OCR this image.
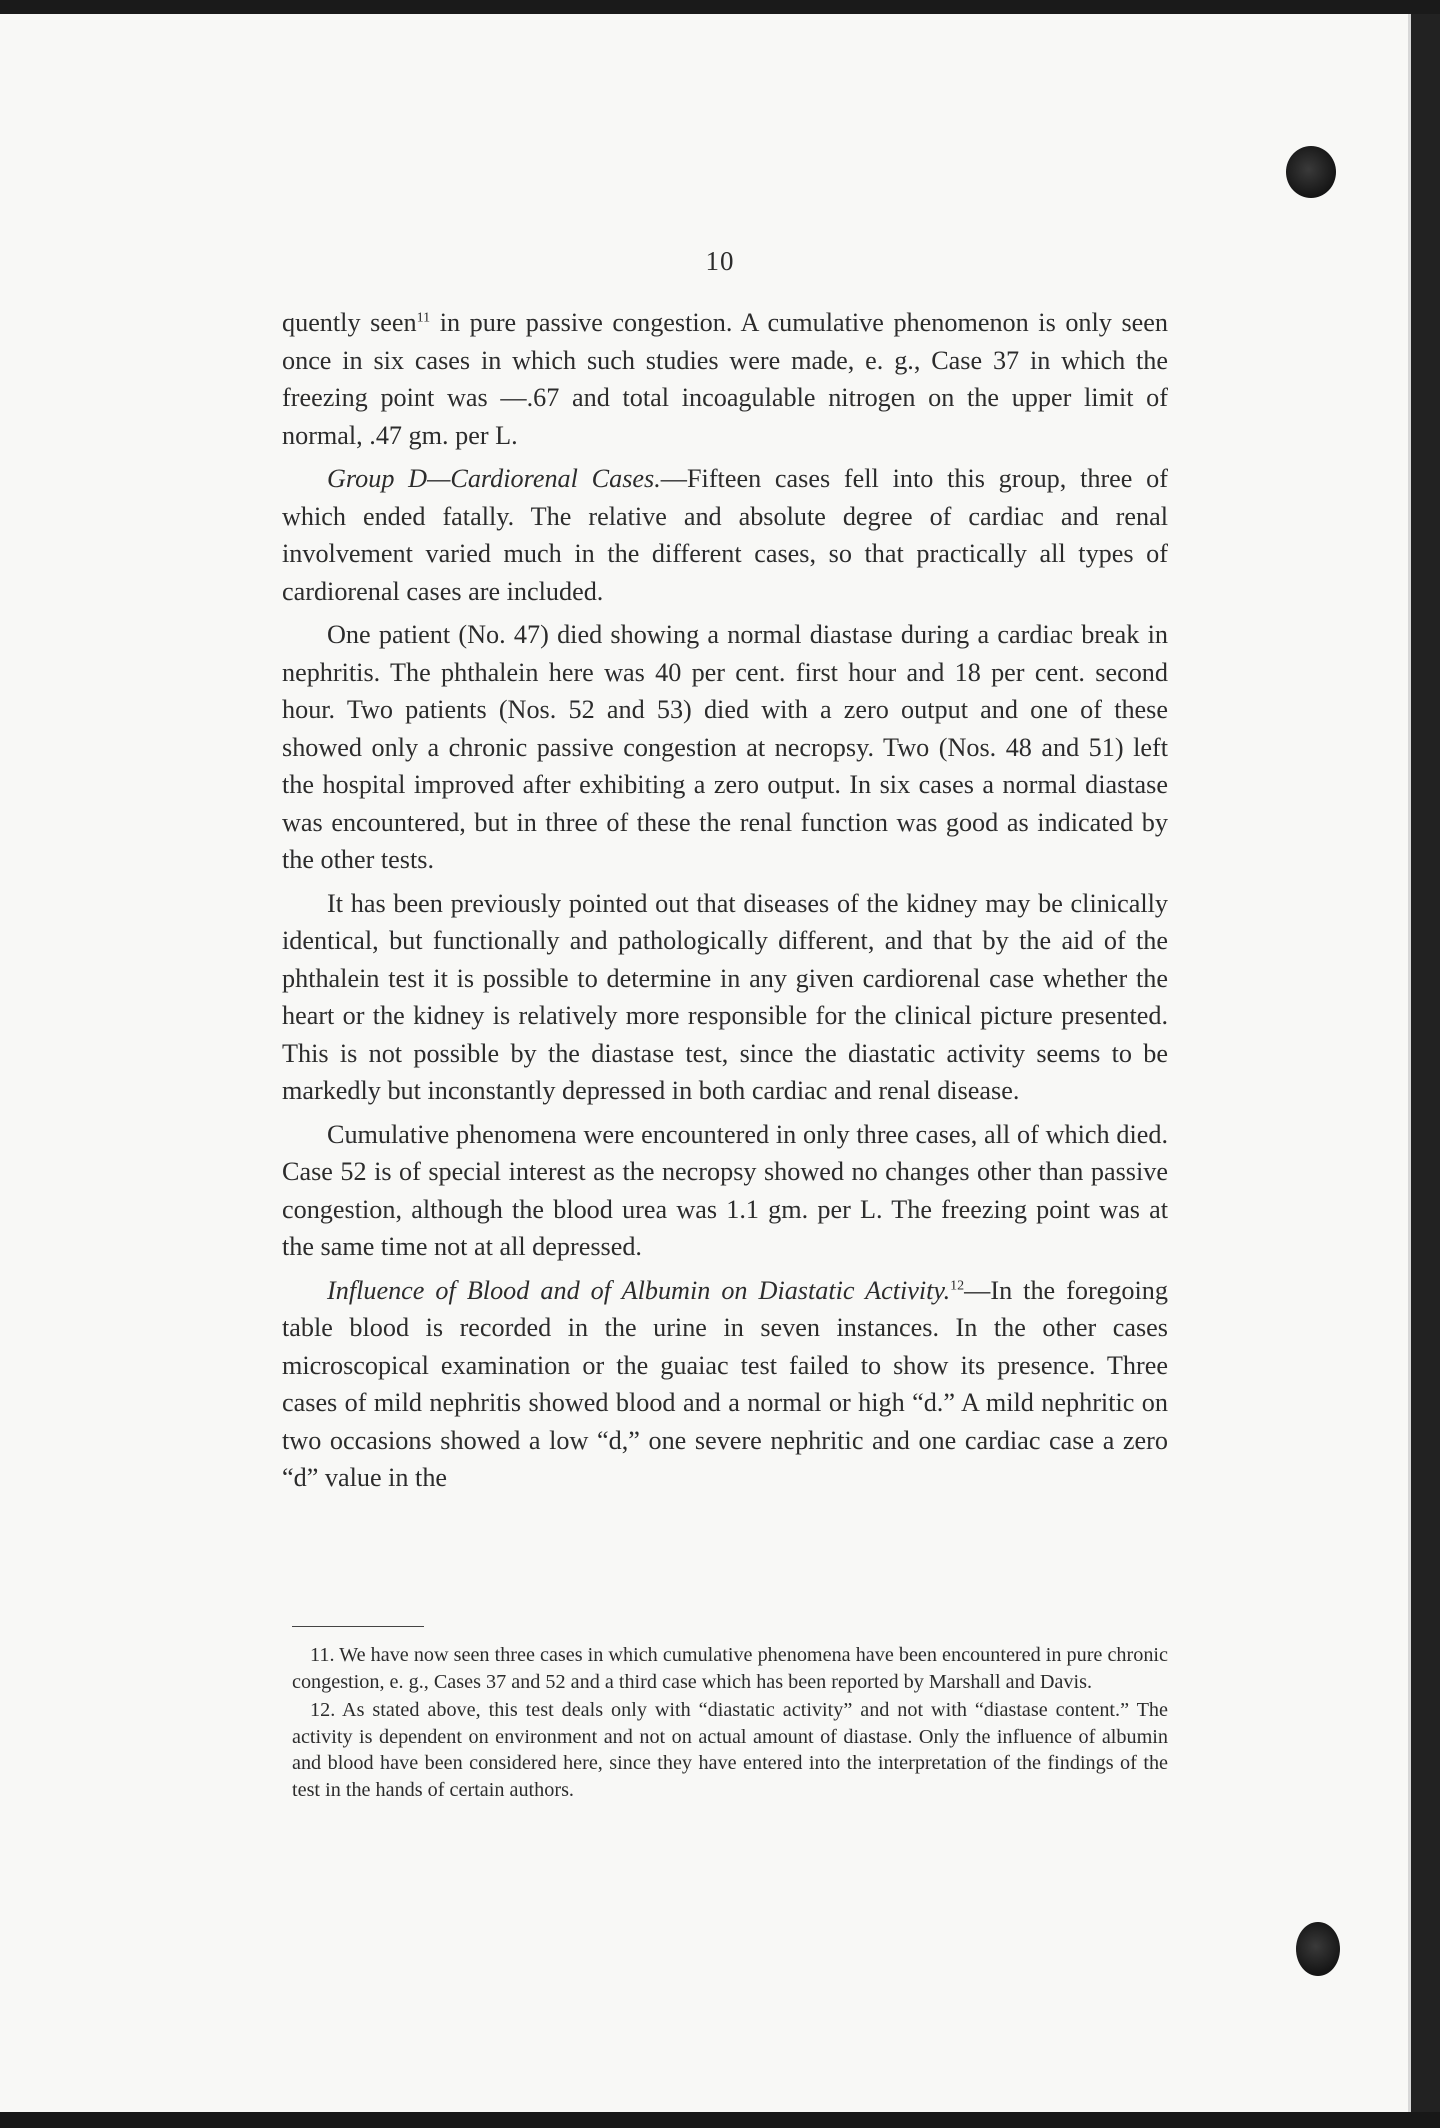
10

quently seen$^{11}$ in pure passive congestion. A cumulative phenomenon is only seen once in six cases in which such studies were made, e. g., Case 37 in which the freezing point was —.67 and total incoagulable nitrogen on the upper limit of normal, .47 gm. per L.

Group D—Cardiorenal Cases.—Fifteen cases fell into this group, three of which ended fatally. The relative and absolute degree of cardiac and renal involvement varied much in the different cases, so that practically all types of cardiorenal cases are included.

One patient (No. 47) died showing a normal diastase during a cardiac break in nephritis. The phthalein here was 40 per cent. first hour and 18 per cent. second hour. Two patients (Nos. 52 and 53) died with a zero output and one of these showed only a chronic passive congestion at necropsy. Two (Nos. 48 and 51) left the hospital improved after exhibiting a zero output. In six cases a normal diastase was encountered, but in three of these the renal function was good as indicated by the other tests.

It has been previously pointed out that diseases of the kidney may be clinically identical, but functionally and pathologically different, and that by the aid of the phthalein test it is possible to determine in any given cardiorenal case whether the heart or the kidney is relatively more responsible for the clinical picture presented. This is not possible by the diastase test, since the diastatic activity seems to be markedly but inconstantly depressed in both cardiac and renal disease.

Cumulative phenomena were encountered in only three cases, all of which died. Case 52 is of special interest as the necropsy showed no changes other than passive congestion, although the blood urea was 1.1 gm. per L. The freezing point was at the same time not at all depressed.

Influence of Blood and of Albumin on Diastatic Activity.$^{12}$—In the foregoing table blood is recorded in the urine in seven instances. In the other cases microscopical examination or the guaiac test failed to show its presence. Three cases of mild nephritis showed blood and a normal or high “d.” A mild nephritic on two occasions showed a low “d,” one severe nephritic and one cardiac case a zero “d” value in the

11. We have now seen three cases in which cumulative phenomena have been encountered in pure chronic congestion, e. g., Cases 37 and 52 and a third case which has been reported by Marshall and Davis.

12. As stated above, this test deals only with “diastatic activity” and not with “diastase content.” The activity is dependent on environment and not on actual amount of diastase. Only the influence of albumin and blood have been considered here, since they have entered into the interpretation of the findings of the test in the hands of certain authors.
